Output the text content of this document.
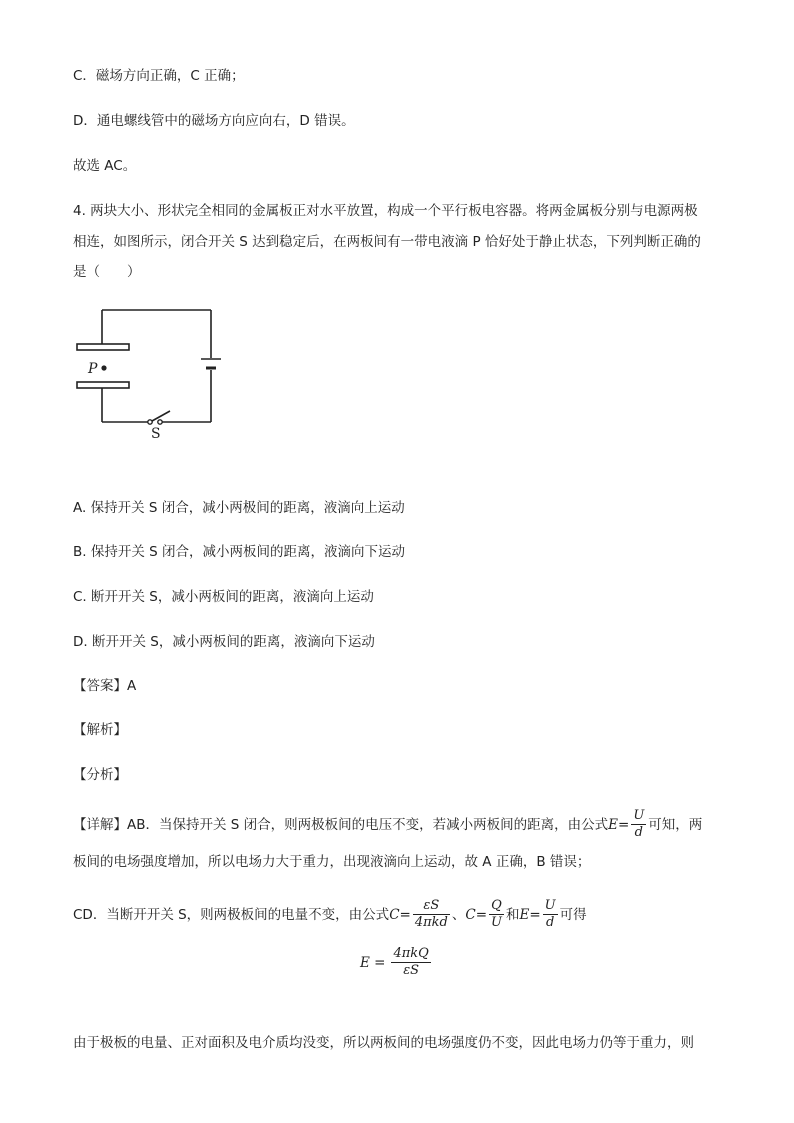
C．磁场方向正确，C 正确；
D．通电螺线管中的磁场方向应向右，D 错误。
故选 AC。
4. 两块大小、形状完全相同的金属板正对水平放置，构成一个平行板电容器。将两金属板分别与电源两极
相连，如图所示，闭合开关 S 达到稳定后，在两板间有一带电液滴 P 恰好处于静止状态，下列判断正确的
是（　　）
P
S
A. 保持开关 S 闭合，减小两极间的距离，液滴向上运动
B. 保持开关 S 闭合，减小两板间的距离，液滴向下运动
C. 断开开关 S，减小两板间的距离，液滴向上运动
D. 断开开关 S，减小两板间的距离，液滴向下运动
【答案】A
【解析】
【分析】
【详解】 AB．当保持开关 S 闭合，则两极板间的电压不变，若减小两板间的距离，由公式 $E = \frac{U}{d}$ 可知，两
板间的电场强度增加，所以电场力大于重力，出现液滴向上运动，故 A 正确，B 错误；
CD．当断开开关 S，则两极板间的电量不变，由公式 $C = \frac{\varepsilon S}{\text{4πkd}}$ 、 $C = \frac{Q}{U}$ 和 $E = \frac{U}{d}$ 可得
$E = \frac{\text{4πkQ}}{\varepsilon S}$
由于极板的电量、正对面积及电介质均没变，所以两板间的电场强度仍不变，因此电场力仍等于重力，则
